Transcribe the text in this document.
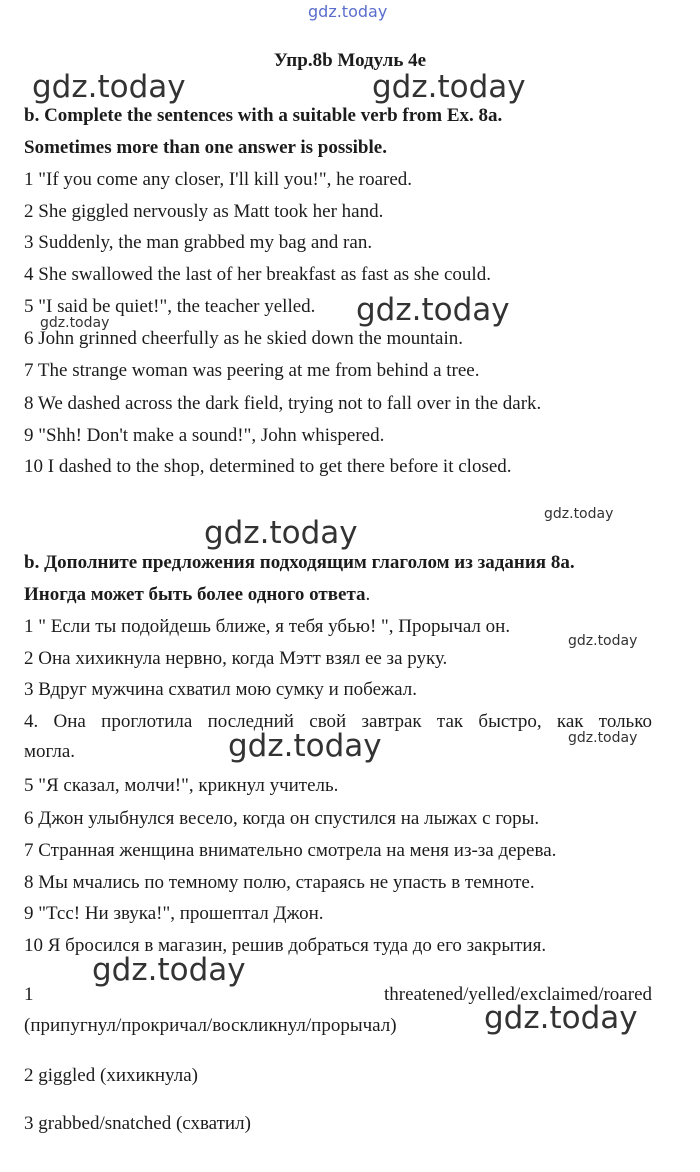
gdz.today
gdz.today	gdz.today
gdz.today
gdz.today
gdz.today
gdz.today
gdz.today
gdz.today
gdz.today
gdz.today
gdz.today
Упр.8b Модуль 4e
b. Complete the sentences with a suitable verb from Ex. 8a.
Sometimes more than one answer is possible.
1 "If you come any closer, I'll kill you!", he roared.
2 She giggled nervously as Matt took her hand.
3 Suddenly, the man grabbed my bag and ran.
4 She swallowed the last of her breakfast as fast as she could.
5 "I said be quiet!", the teacher yelled.
6 John grinned cheerfully as he skied down the mountain.
7 The strange woman was peering at me from behind a tree.
8 We dashed across the dark field, trying not to fall over in the dark.
9 "Shh! Don't make a sound!", John whispered.
10 I dashed to the shop, determined to get there before it closed.
b. Дополните предложения подходящим глаголом из задания 8а.
Иногда может быть более одного ответа.
1 " Если ты подойдешь ближе, я тебя убью! ", Прорычал он.
2 Она хихикнула нервно, когда Мэтт взял ее за руку.
3 Вдруг мужчина схватил мою сумку и побежал.
4. Она проглотила последний свой завтрак так быстро, как только
могла.
5 "Я сказал, молчи!", крикнул учитель.
6 Джон улыбнулся весело, когда он спустился на лыжах с горы.
7 Странная женщина внимательно смотрела на меня из-за дерева.
8 Мы мчались по темному полю, стараясь не упасть в темноте.
9 "Тсс! Ни звука!", прошептал Джон.
10 Я бросился в магазин, решив добраться туда до его закрытия.
1	threatened/yelled/exclaimed/roared
(припугнул/прокричал/воскликнул/прорычал)
2 giggled (хихикнула)
3 grabbed/snatched (схватил)
